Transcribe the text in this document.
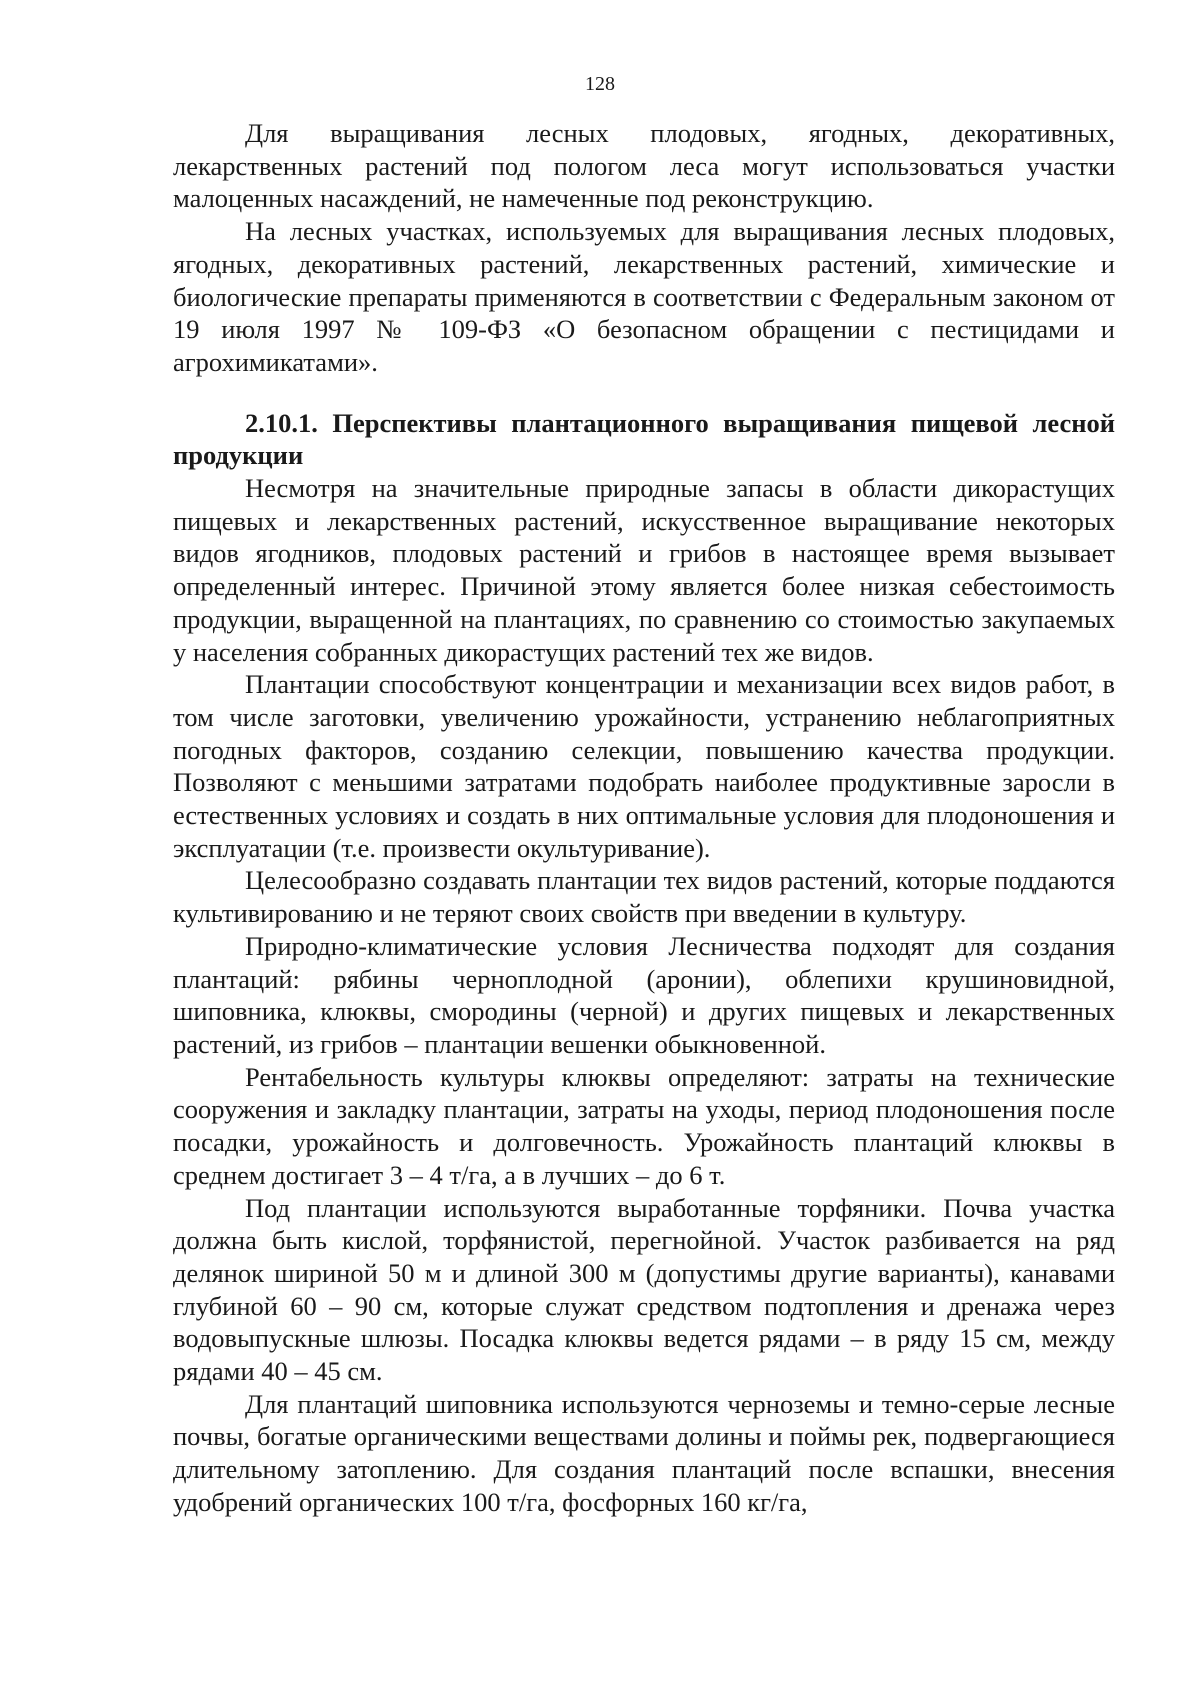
128

Для выращивания лесных плодовых, ягодных, декоративных, лекарственных растений под пологом леса могут использоваться участки малоценных насаждений, не намеченные под реконструкцию.

На лесных участках, используемых для выращивания лесных плодовых, ягодных, декоративных растений, лекарственных растений, химические и биологические препараты применяются в соответствии с Федеральным законом от 19 июля 1997 № 109-ФЗ «О безопасном обращении с пестицидами и агрохимикатами».

2.10.1. Перспективы плантационного выращивания пищевой лесной продукции

Несмотря на значительные природные запасы в области дикорастущих пищевых и лекарственных растений, искусственное выращивание некоторых видов ягодников, плодовых растений и грибов в настоящее время вызывает определенный интерес. Причиной этому является более низкая себестоимость продукции, выращенной на плантациях, по сравнению со стоимостью закупаемых у населения собранных дикорастущих растений тех же видов.

Плантации способствуют концентрации и механизации всех видов работ, в том числе заготовки, увеличению урожайности, устранению неблагоприятных погодных факторов, созданию селекции, повышению качества продукции. Позволяют с меньшими затратами подобрать наиболее продуктивные заросли в естественных условиях и создать в них оптимальные условия для плодоношения и эксплуатации (т.е. произвести окультуривание).

Целесообразно создавать плантации тех видов растений, которые поддаются культивированию и не теряют своих свойств при введении в культуру.

Природно-климатические условия Лесничества подходят для создания плантаций: рябины черноплодной (аронии), облепихи крушиновидной, шиповника, клюквы, смородины (черной) и других пищевых и лекарственных растений, из грибов – плантации вешенки обыкновенной.

Рентабельность культуры клюквы определяют: затраты на технические сооружения и закладку плантации, затраты на уходы, период плодоношения после посадки, урожайность и долговечность. Урожайность плантаций клюквы в среднем достигает 3 – 4 т/га, а в лучших – до 6 т.

Под плантации используются выработанные торфяники. Почва участка должна быть кислой, торфянистой, перегнойной. Участок разбивается на ряд делянок шириной 50 м и длиной 300 м (допустимы другие варианты), канавами глубиной 60 – 90 см, которые служат средством подтопления и дренажа через водовыпускные шлюзы. Посадка клюквы ведется рядами – в ряду 15 см, между рядами 40 – 45 см.

Для плантаций шиповника используются черноземы и темно-серые лесные почвы, богатые органическими веществами долины и поймы рек, подвергающиеся длительному затоплению. Для создания плантаций после вспашки, внесения удобрений органических 100 т/га, фосфорных 160 кг/га,
